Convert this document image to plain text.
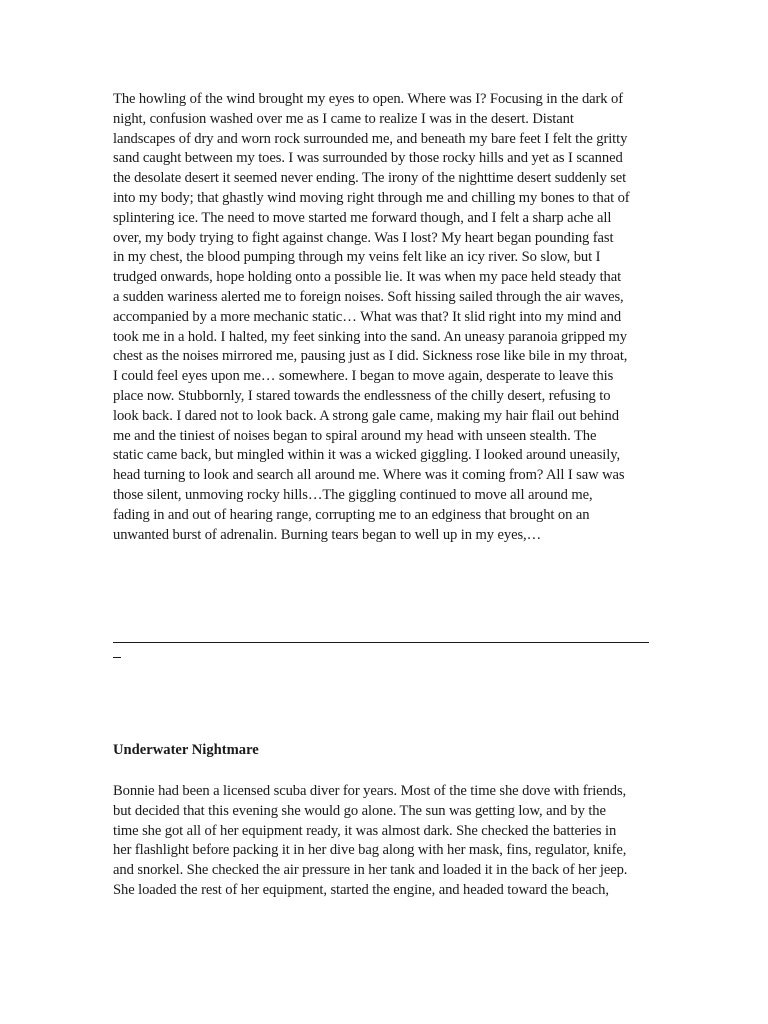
The howling of the wind brought my eyes to open. Where was I? Focusing in the dark of
night, confusion washed over me as I came to realize I was in the desert. Distant
landscapes of dry and worn rock surrounded me, and beneath my bare feet I felt the gritty
sand caught between my toes. I was surrounded by those rocky hills and yet as I scanned
the desolate desert it seemed never ending. The irony of the nighttime desert suddenly set
into my body; that ghastly wind moving right through me and chilling my bones to that of
splintering ice. The need to move started me forward though, and I felt a sharp ache all
over, my body trying to fight against change. Was I lost? My heart began pounding fast
in my chest, the blood pumping through my veins felt like an icy river. So slow, but I
trudged onwards, hope holding onto a possible lie. It was when my pace held steady that
a sudden wariness alerted me to foreign noises. Soft hissing sailed through the air waves,
accompanied by a more mechanic static… What was that? It slid right into my mind and
took me in a hold. I halted, my feet sinking into the sand. An uneasy paranoia gripped my
chest as the noises mirrored me, pausing just as I did. Sickness rose like bile in my throat,
I could feel eyes upon me… somewhere. I began to move again, desperate to leave this
place now. Stubbornly, I stared towards the endlessness of the chilly desert, refusing to
look back. I dared not to look back. A strong gale came, making my hair flail out behind
me and the tiniest of noises began to spiral around my head with unseen stealth. The
static came back, but mingled within it was a wicked giggling. I looked around uneasily,
head turning to look and search all around me. Where was it coming from? All I saw was
those silent, unmoving rocky hills…The giggling continued to move all around me,
fading in and out of hearing range, corrupting me to an edginess that brought on an
unwanted burst of adrenalin. Burning tears began to well up in my eyes,…
Underwater Nightmare
Bonnie had been a licensed scuba diver for years. Most of the time she dove with friends,
but decided that this evening she would go alone. The sun was getting low, and by the
time she got all of her equipment ready, it was almost dark. She checked the batteries in
her flashlight before packing it in her dive bag along with her mask, fins, regulator, knife,
and snorkel. She checked the air pressure in her tank and loaded it in the back of her jeep.
She loaded the rest of her equipment, started the engine, and headed toward the beach,
